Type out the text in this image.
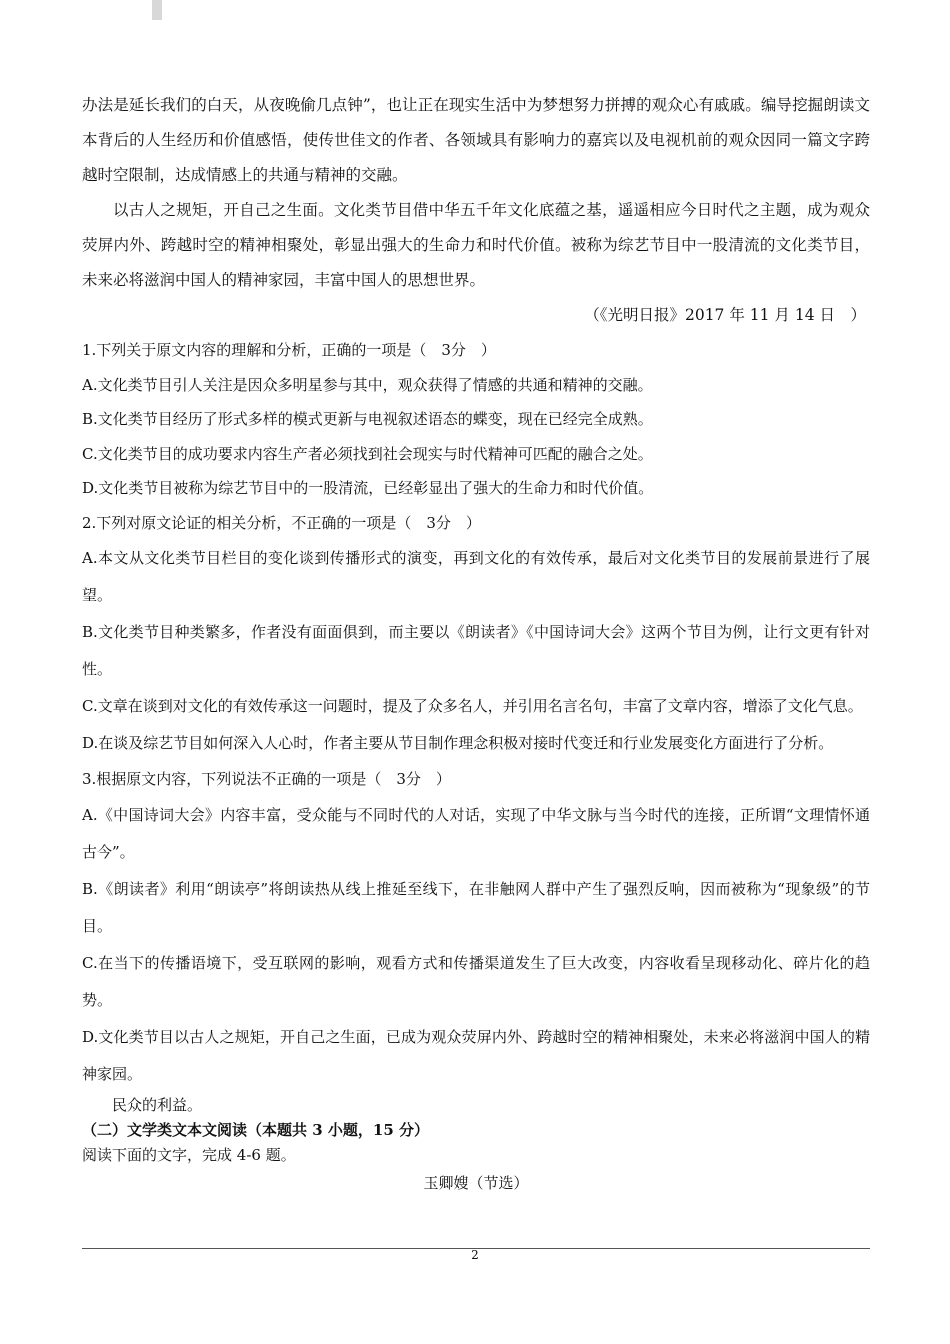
办法是延长我们的白天，从夜晚偷几点钟”，也让正在现实生活中为梦想努力拼搏的观众心有戚戚。编导挖掘朗读文本背后的人生经历和价值感悟，使传世佳文的作者、各领域具有影响力的嘉宾以及电视机前的观众因同一篇文字跨越时空限制，达成情感上的共通与精神的交融。

以古人之规矩，开自己之生面。文化类节目借中华五千年文化底蕴之基，遥遥相应今日时代之主题，成为观众荧屏内外、跨越时空的精神相聚处，彰显出强大的生命力和时代价值。被称为综艺节目中一股清流的文化类节目，未来必将滋润中国人的精神家园，丰富中国人的思想世界。

（《光明日报》2017 年 11 月 14 日　）

1.下列关于原文内容的理解和分析，正确的一项是（　3分　）

A.文化类节目引人关注是因众多明星参与其中，观众获得了情感的共通和精神的交融。

B.文化类节目经历了形式多样的模式更新与电视叙述语态的蝶变，现在已经完全成熟。

C.文化类节目的成功要求内容生产者必须找到社会现实与时代精神可匹配的融合之处。

D.文化类节目被称为综艺节目中的一股清流，已经彰显出了强大的生命力和时代价值。

2.下列对原文论证的相关分析，不正确的一项是（　3分　）

A.本文从文化类节目栏目的变化谈到传播形式的演变，再到文化的有效传承，最后对文化类节目的发展前景进行了展望。

B.文化类节目种类繁多，作者没有面面俱到，而主要以《朗读者》《中国诗词大会》这两个节目为例，让行文更有针对性。

C.文章在谈到对文化的有效传承这一问题时，提及了众多名人，并引用名言名句，丰富了文章内容，增添了文化气息。

D.在谈及综艺节目如何深入人心时，作者主要从节目制作理念积极对接时代变迁和行业发展变化方面进行了分析。

3.根据原文内容，下列说法不正确的一项是（　3分　）

A.《中国诗词大会》内容丰富，受众能与不同时代的人对话，实现了中华文脉与当今时代的连接，正所谓“文理情怀通古今”。

B.《朗读者》利用“朗读亭”将朗读热从线上推延至线下，在非触网人群中产生了强烈反响，因而被称为“现象级”的节目。

C.在当下的传播语境下，受互联网的影响，观看方式和传播渠道发生了巨大改变，内容收看呈现移动化、碎片化的趋势。

D.文化类节目以古人之规矩，开自己之生面，已成为观众荧屏内外、跨越时空的精神相聚处，未来必将滋润中国人的精神家园。

民众的利益。

（二）文学类文本文阅读（本题共 3 小题，15 分）

阅读下面的文字，完成 4-6 题。

玉卿嫂（节选）

2
